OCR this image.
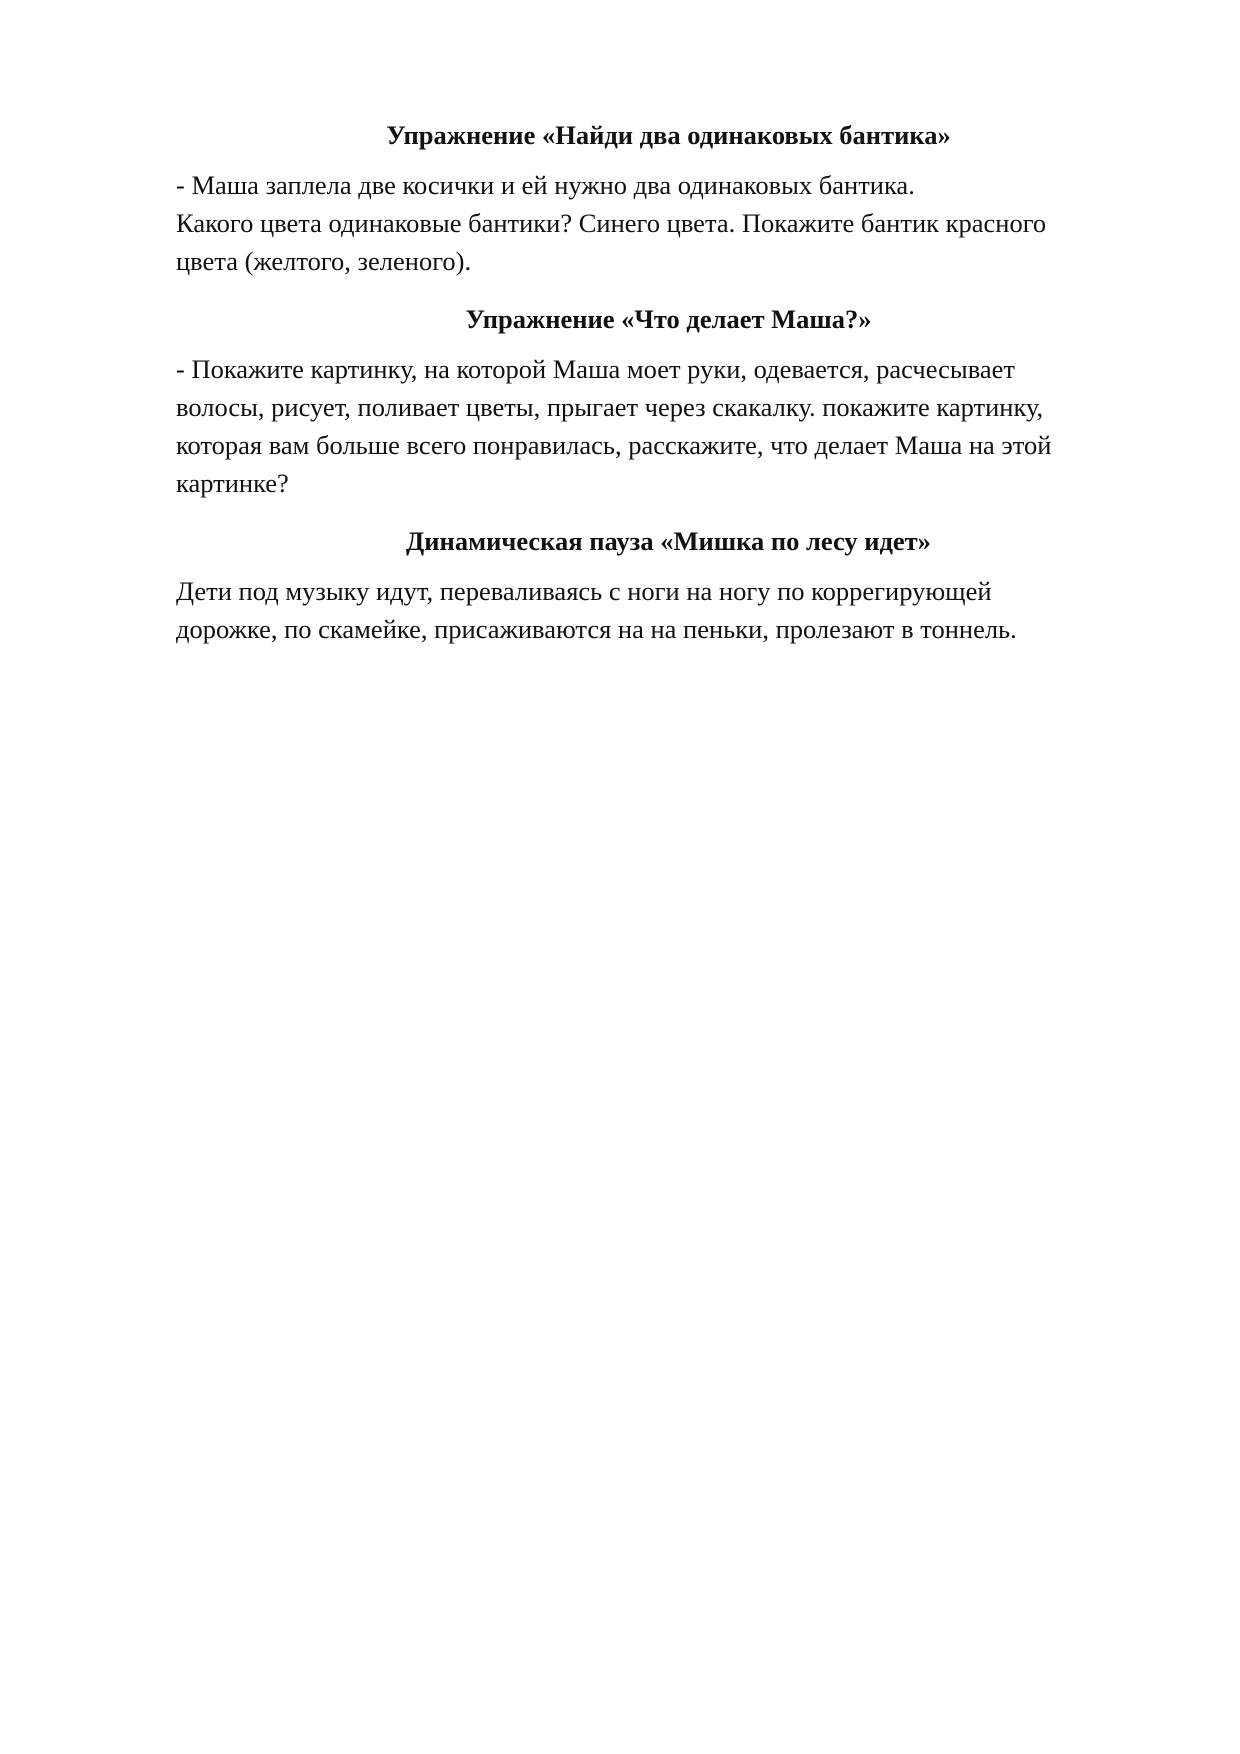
Упражнение «Найди два одинаковых бантика»

- Маша заплела две косички и ей нужно два одинаковых бантика.
Какого цвета одинаковые бантики? Синего цвета. Покажите бантик красного
цвета (желтого, зеленого).

Упражнение «Что делает Маша?»

- Покажите картинку, на которой Маша моет руки, одевается, расчесывает
волосы, рисует, поливает цветы, прыгает через скакалку. покажите картинку,
которая вам больше всего понравилась, расскажите, что делает Маша на этой
картинке?

Динамическая пауза «Мишка по лесу идет»

Дети под музыку идут, переваливаясь с ноги на ногу по коррегирующей
дорожке, по скамейке, присаживаются на на пеньки, пролезают в тоннель.
